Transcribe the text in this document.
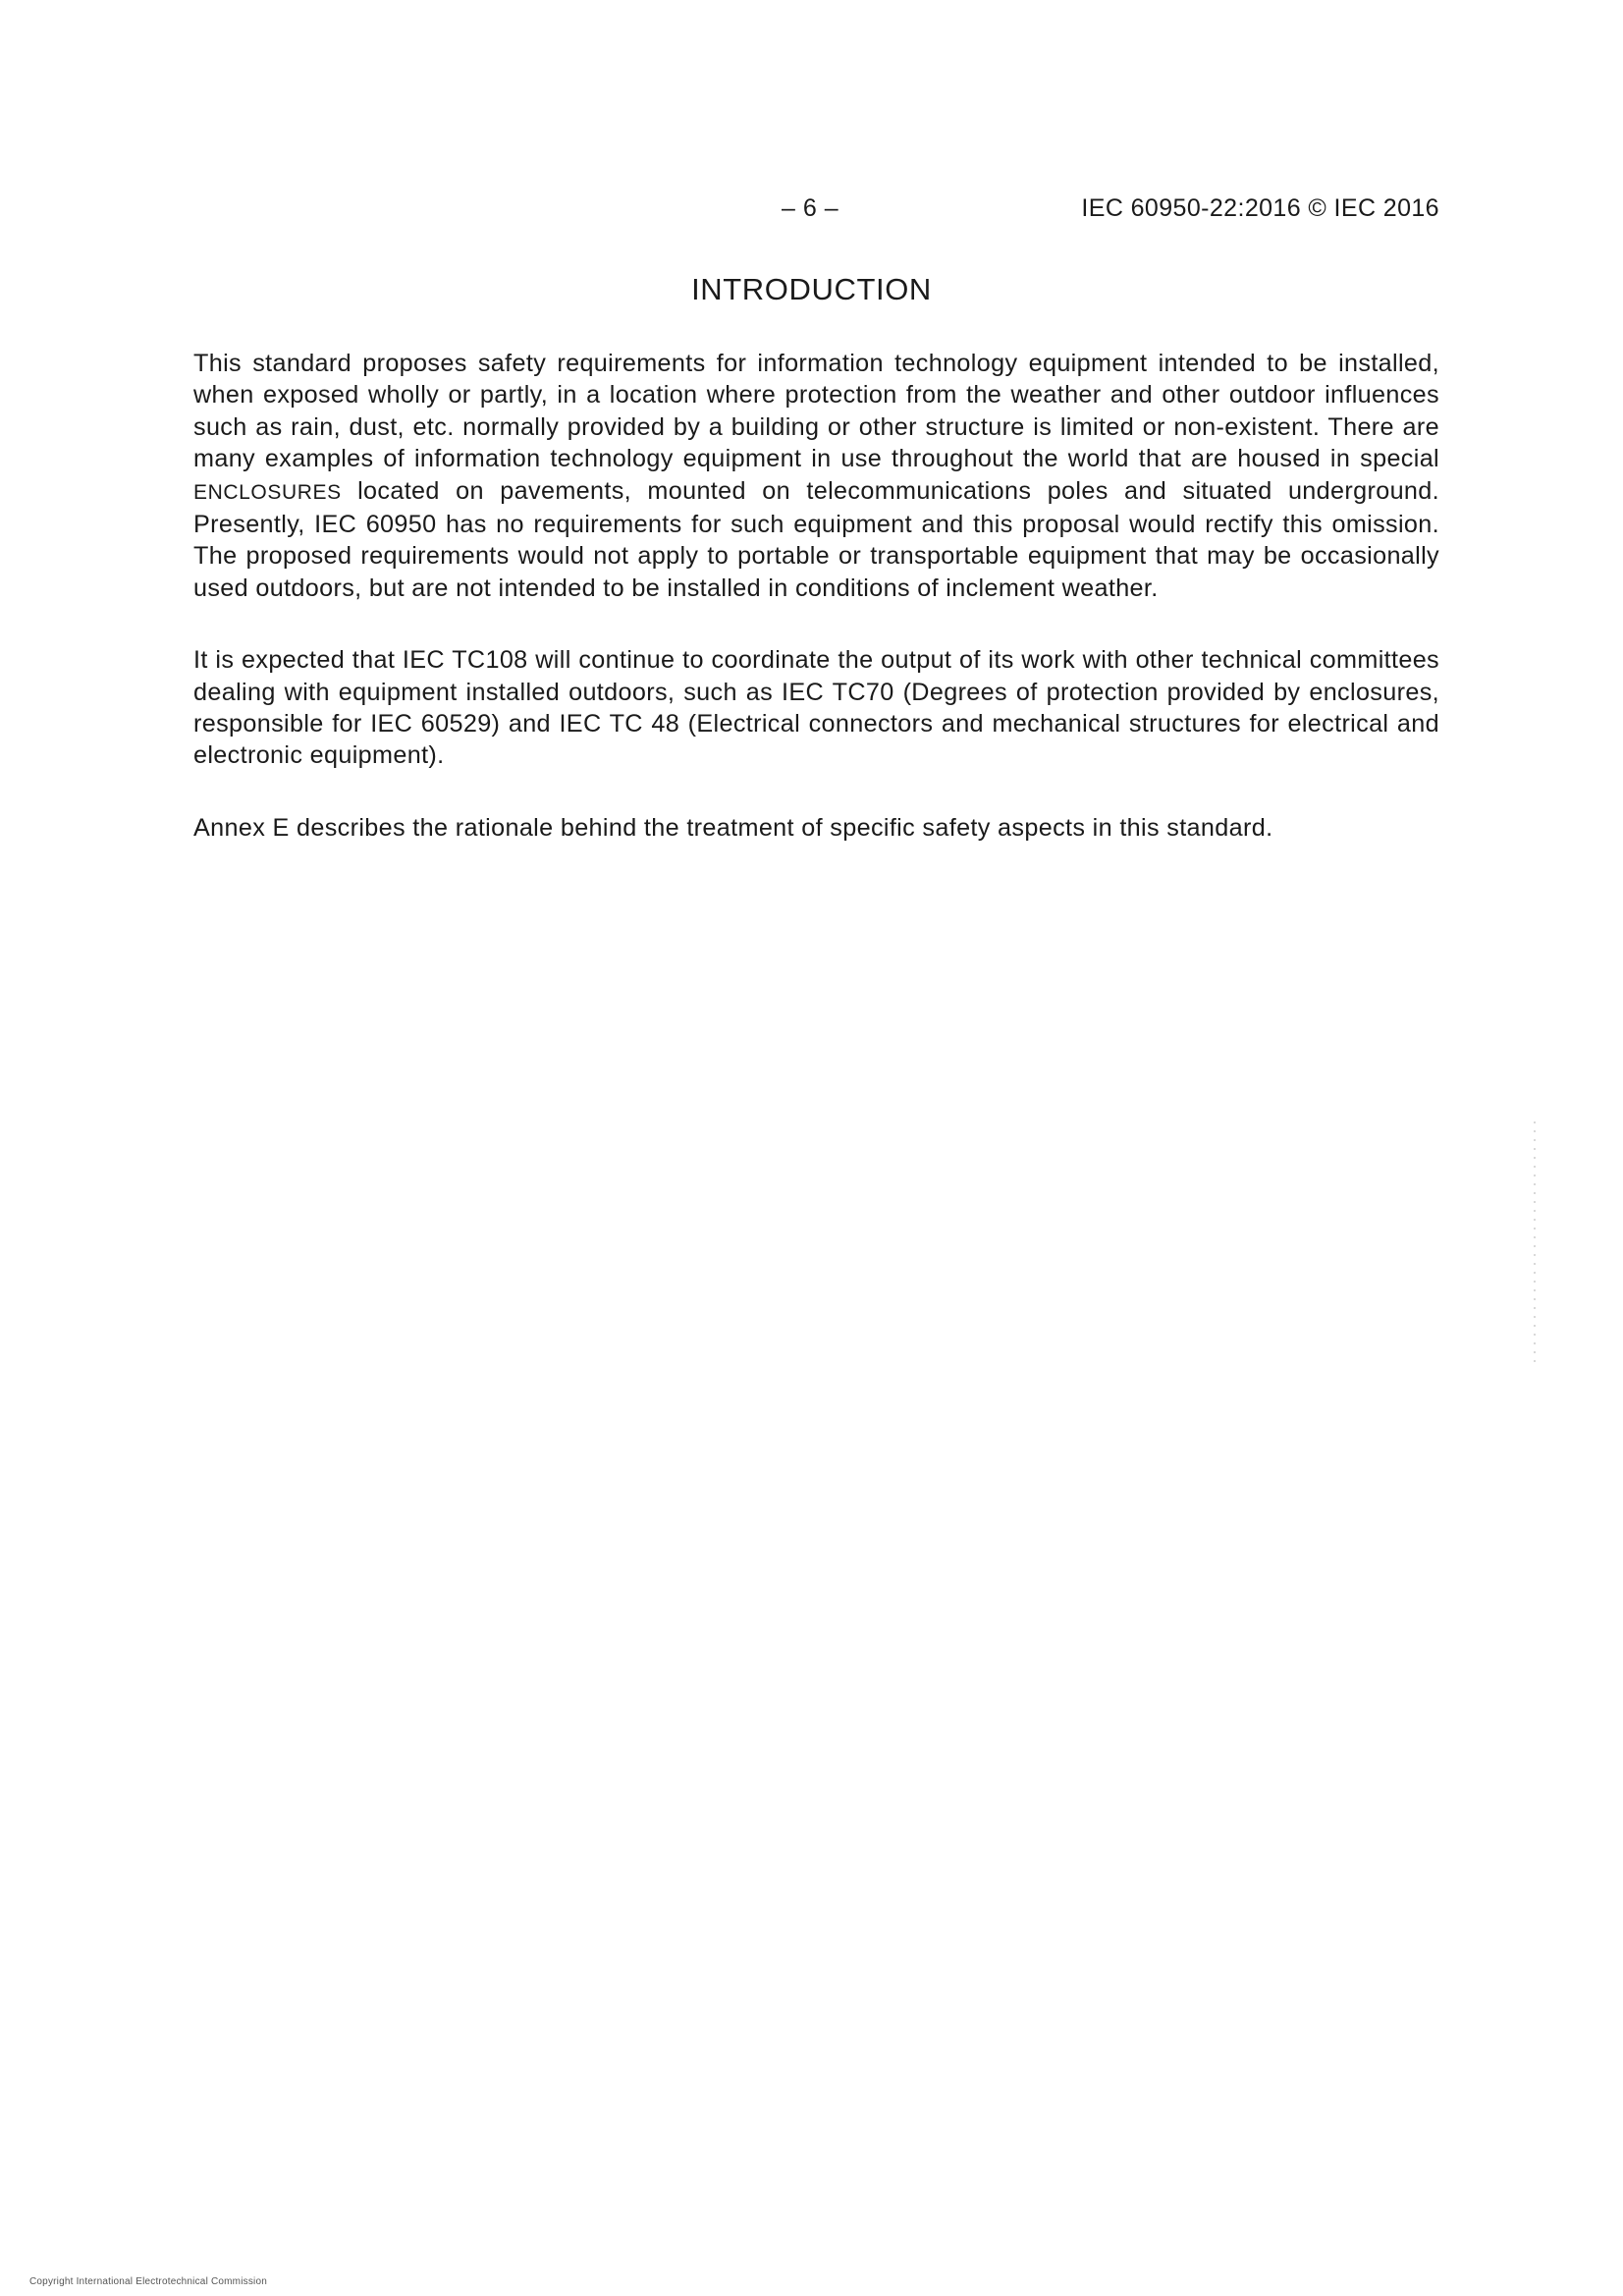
– 6 –	IEC 60950-22:2016 © IEC 2016
INTRODUCTION

This standard proposes safety requirements for information technology equipment intended to be installed, when exposed wholly or partly, in a location where protection from the weather and other outdoor influences such as rain, dust, etc. normally provided by a building or other structure is limited or non-existent. There are many examples of information technology equipment in use throughout the world that are housed in special ENCLOSURES located on pavements, mounted on telecommunications poles and situated underground. Presently, IEC 60950 has no requirements for such equipment and this proposal would rectify this omission. The proposed requirements would not apply to portable or transportable equipment that may be occasionally used outdoors, but are not intended to be installed in conditions of inclement weather.

It is expected that IEC TC108 will continue to coordinate the output of its work with other technical committees dealing with equipment installed outdoors, such as IEC TC70 (Degrees of protection provided by enclosures, responsible for IEC 60529) and IEC TC 48 (Electrical connectors and mechanical structures for electrical and electronic equipment).

Annex E describes the rationale behind the treatment of specific safety aspects in this standard.

Copyright International Electrotechnical Commission
